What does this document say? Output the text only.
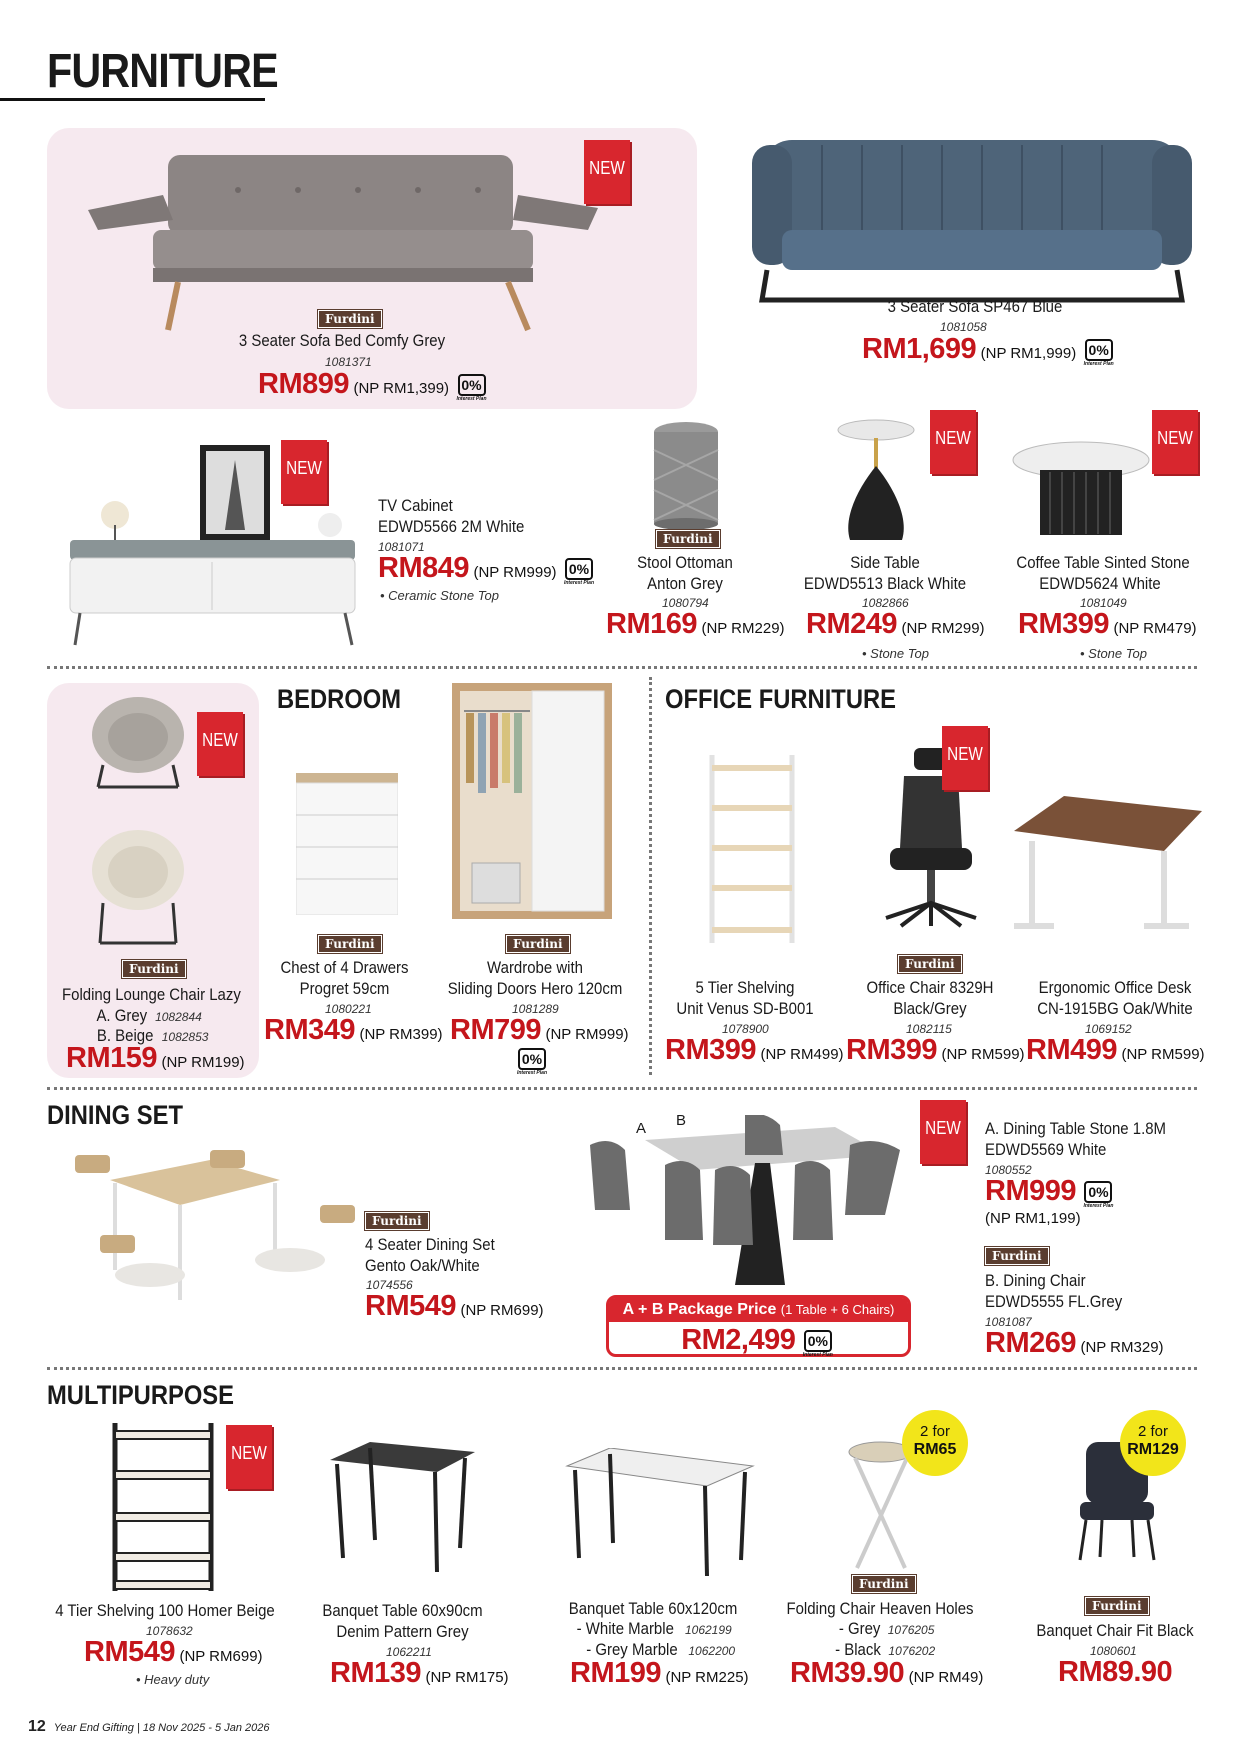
FURNITURE
NEW
Furdini
3 Seater Sofa Bed Comfy Grey
1081371
RM899 (NP RM1,399) 0%
Interest Plan
3 Seater Sofa SP467 Blue
1081058
RM1,699 (NP RM1,999) 0%
Interest Plan
NEW
TV Cabinet
EDWD5566 2M White
1081071
RM849 (NP RM999) 0%
Interest Plan
• Ceramic Stone Top
Furdini
Stool Ottoman
Anton Grey
1080794
RM169 (NP RM229)
NEW
Side Table
EDWD5513 Black White
1082866
RM249 (NP RM299)
• Stone Top
NEW
Coffee Table Sinted Stone
EDWD5624 White
1081049
RM399 (NP RM479)
• Stone Top
NEW
Furdini
Folding Lounge Chair Lazy
A. Grey 1082844
B. Beige 1082853
RM159 (NP RM199)
BEDROOM
Furdini
Chest of 4 Drawers
Progret 59cm
1080221
RM349 (NP RM399)
Furdini
Wardrobe with
Sliding Doors Hero 120cm
1081289
RM799 (NP RM999)
0%
Interest Plan
OFFICE FURNITURE
NEW
5 Tier Shelving
Unit Venus SD-B001
1078900
RM399 (NP RM499)
Furdini
Office Chair 8329H
Black/Grey
1082115
RM399 (NP RM599)
Ergonomic Office Desk
CN-1915BG Oak/White
1069152
RM499 (NP RM599)
DINING SET
Furdini
4 Seater Dining Set
Gento Oak/White
1074556
RM549 (NP RM699)
A B	NEW A. Dining Table Stone 1.8M
EDWD5569 White
1080552
RM999 0%
Interest Plan
(NP RM1,199)
Furdini
B. Dining Chair
EDWD5555 FL.Grey
1081087
RM269 (NP RM329)
A + B Package Price (1 Table + 6 Chairs)
RM2,499 0%
Interest Plan
MULTIPURPOSE
NEW
4 Tier Shelving 100 Homer Beige
1078632
RM549 (NP RM699)
• Heavy duty
Banquet Table 60x90cm
Denim Pattern Grey
1062211
RM139 (NP RM175)
Banquet Table 60x120cm
- White Marble 1062199
- Grey Marble 1062200
RM199 (NP RM225)
2 for
RM65
Furdini
Folding Chair Heaven Holes
- Grey 1076205
- Black 1076202
RM39.90 (NP RM49)
2 for
RM129
Furdini
Banquet Chair Fit Black
1080601
RM89.90
12 Year End Gifting | 18 Nov 2025 - 5 Jan 2026
